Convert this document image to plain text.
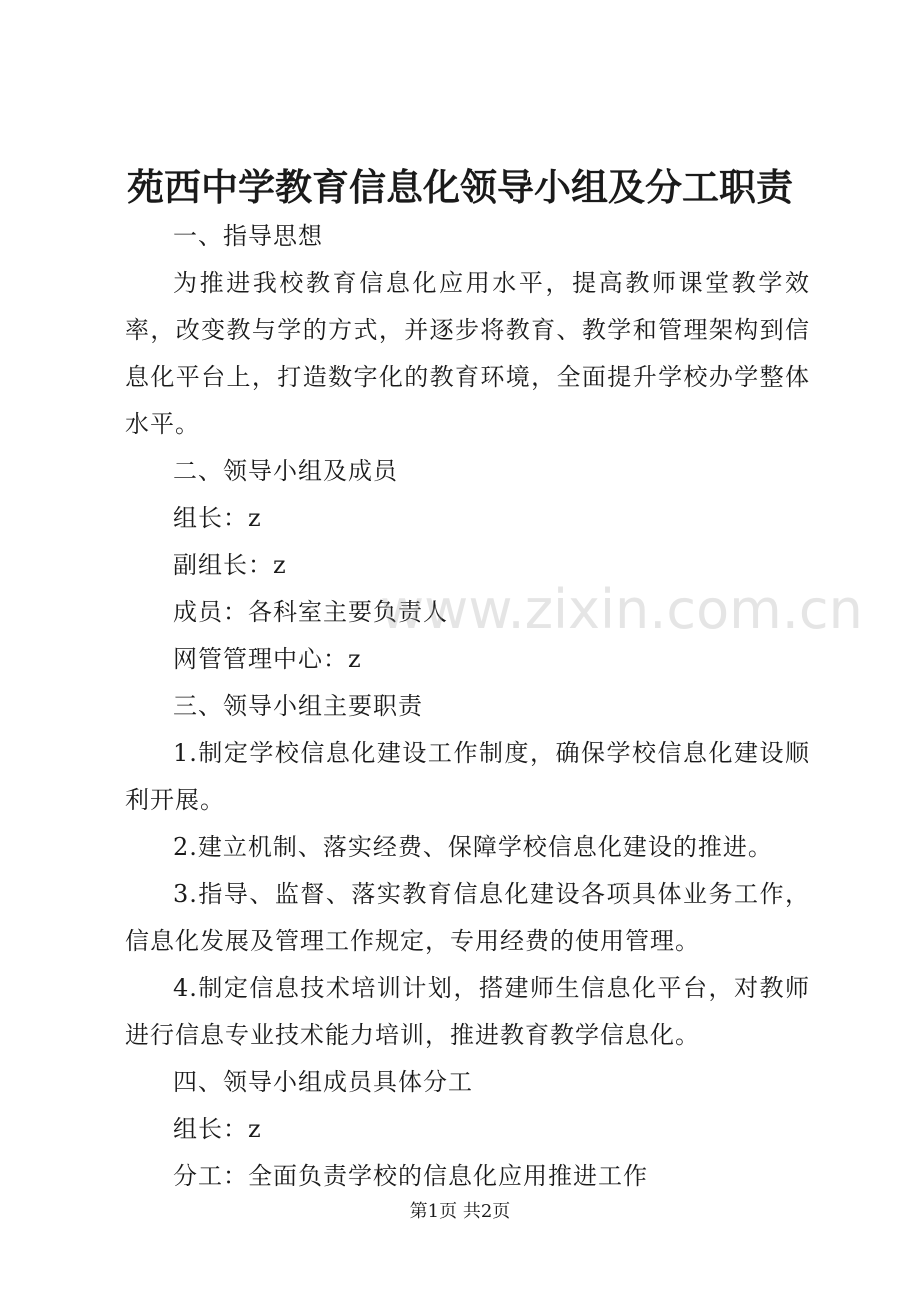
苑西中学教育信息化领导小组及分工职责

一、指导思想

为推进我校教育信息化应用水平，提高教师课堂教学效率，改变教与学的方式，并逐步将教育、教学和管理架构到信息化平台上，打造数字化的教育环境，全面提升学校办学整体水平。

二、领导小组及成员

组长：z

副组长：z

成员：各科室主要负责人

网管管理中心：z

三、领导小组主要职责

1.制定学校信息化建设工作制度，确保学校信息化建设顺利开展。

2.建立机制、落实经费、保障学校信息化建设的推进。

3.指导、监督、落实教育信息化建设各项具体业务工作，信息化发展及管理工作规定，专用经费的使用管理。

4.制定信息技术培训计划，搭建师生信息化平台，对教师进行信息专业技术能力培训，推进教育教学信息化。

四、领导小组成员具体分工

组长：z

分工：全面负责学校的信息化应用推进工作

www.zixin.com.cn
第1页 共2页
